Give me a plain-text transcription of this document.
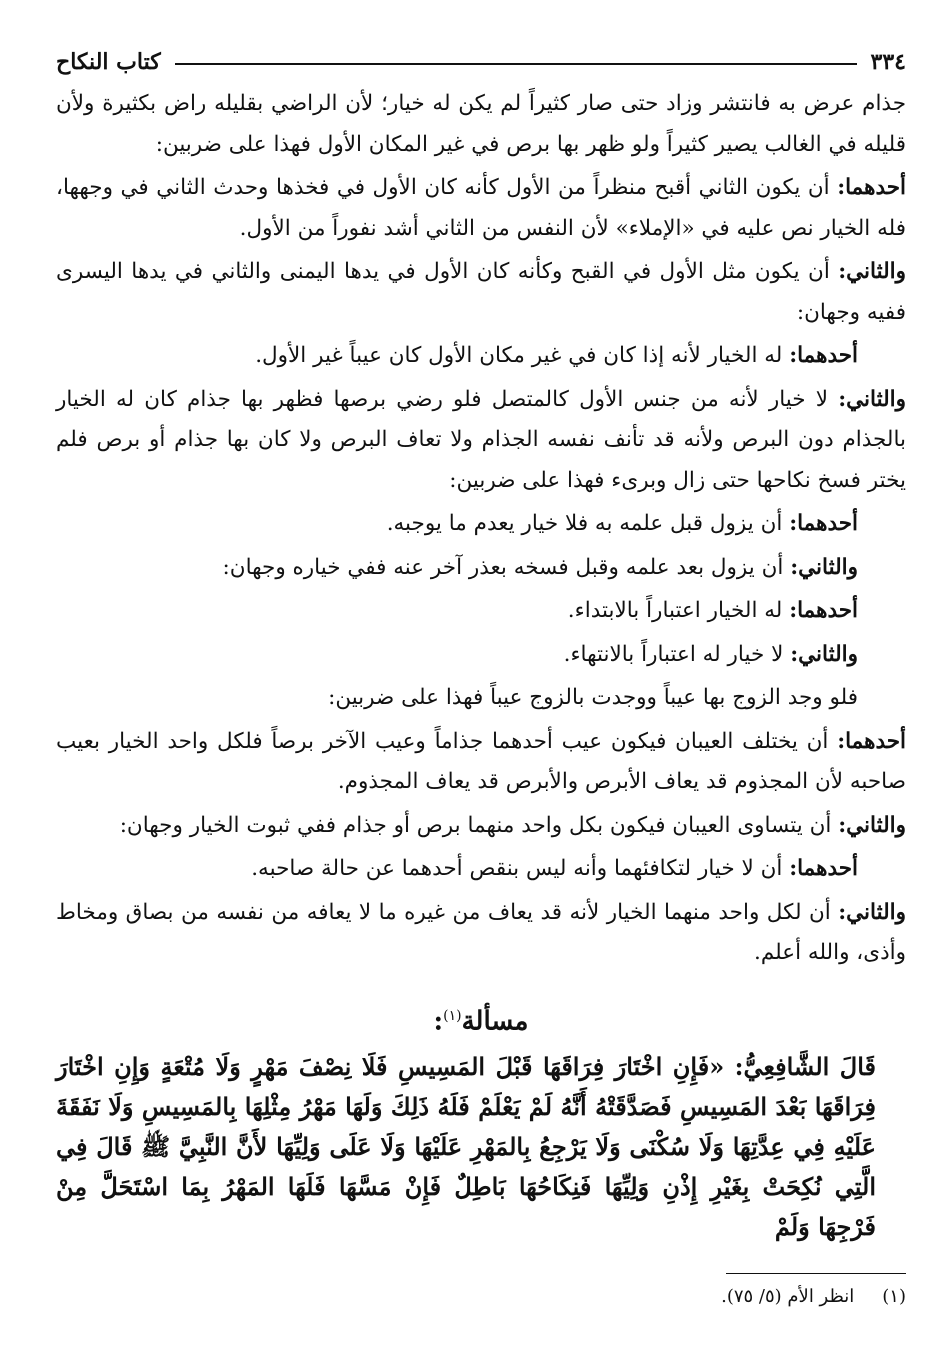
٣٣٤
كتاب النكاح

جذام عرض به فانتشر وزاد حتى صار كثيراً لم يكن له خيار؛ لأن الراضي بقليله راض بكثيرة ولأن قليله في الغالب يصير كثيراً ولو ظهر بها برص في غير المكان الأول فهذا على ضربين:

أحدهما: أن يكون الثاني أقبح منظراً من الأول كأنه كان الأول في فخذها وحدث الثاني في وجهها، فله الخيار نص عليه في «الإملاء» لأن النفس من الثاني أشد نفوراً من الأول.

والثاني: أن يكون مثل الأول في القبح وكأنه كان الأول في يدها اليمنى والثاني في يدها اليسرى ففيه وجهان:

أحدهما: له الخيار لأنه إذا كان في غير مكان الأول كان عيباً غير الأول.

والثاني: لا خيار لأنه من جنس الأول كالمتصل فلو رضي برصها فظهر بها جذام كان له الخيار بالجذام دون البرص ولأنه قد تأنف نفسه الجذام ولا تعاف البرص ولا كان بها جذام أو برص فلم يختر فسخ نكاحها حتى زال وبرىء فهذا على ضربين:

أحدهما: أن يزول قبل علمه به فلا خيار يعدم ما يوجبه.

والثاني: أن يزول بعد علمه وقبل فسخه بعذر آخر عنه ففي خياره وجهان:

أحدهما: له الخيار اعتباراً بالابتداء.

والثاني: لا خيار له اعتباراً بالانتهاء.

فلو وجد الزوج بها عيباً ووجدت بالزوج عيباً فهذا على ضربين:

أحدهما: أن يختلف العيبان فيكون عيب أحدهما جذاماً وعيب الآخر برصاً فلكل واحد الخيار بعيب صاحبه لأن المجذوم قد يعاف الأبرص والأبرص قد يعاف المجذوم.

والثاني: أن يتساوى العيبان فيكون بكل واحد منهما برص أو جذام ففي ثبوت الخيار وجهان:

أحدهما: أن لا خيار لتكافئهما وأنه ليس بنقص أحدهما عن حالة صاحبه.

والثاني: أن لكل واحد منهما الخيار لأنه قد يعاف من غيره ما لا يعافه من نفسه من بصاق ومخاط وأذى، والله أعلم.

مسألة$^{(١)}$:

قَالَ الشَّافِعِيُّ: «فَإِنِ اخْتَارَ فِرَاقَهَا قَبْلَ المَسِيسِ فَلَا نِصْفَ مَهْرٍ وَلَا مُتْعَةٍ وَإِنِ اخْتَارَ فِرَاقَهَا بَعْدَ المَسِيسِ فَصَدَّقَتْهُ أَنَّهُ لَمْ يَعْلَمْ فَلَهُ ذَلِكَ وَلَهَا مَهْرُ مِثْلِهَا بِالمَسِيسِ وَلَا نَفَقَةَ عَلَيْهِ فِي عِدَّتِهَا وَلَا سُكْنَى وَلَا يَرْجِعُ بِالمَهْرِ عَلَيْهَا وَلَا عَلَى وَلِيِّهَا لأَنَّ النَّبِيَّ ﷺ قَالَ فِي الَّتِي نُكِحَتْ بِغَيْرِ إِذْنِ وَلِيِّهَا فَنِكَاحُهَا بَاطِلٌ فَإِنْ مَسَّهَا فَلَهَا المَهْرُ بِمَا اسْتَحَلَّ مِنْ فَرْجِهَا وَلَمْ

(١)
انظر الأم (٥/ ٧٥).
